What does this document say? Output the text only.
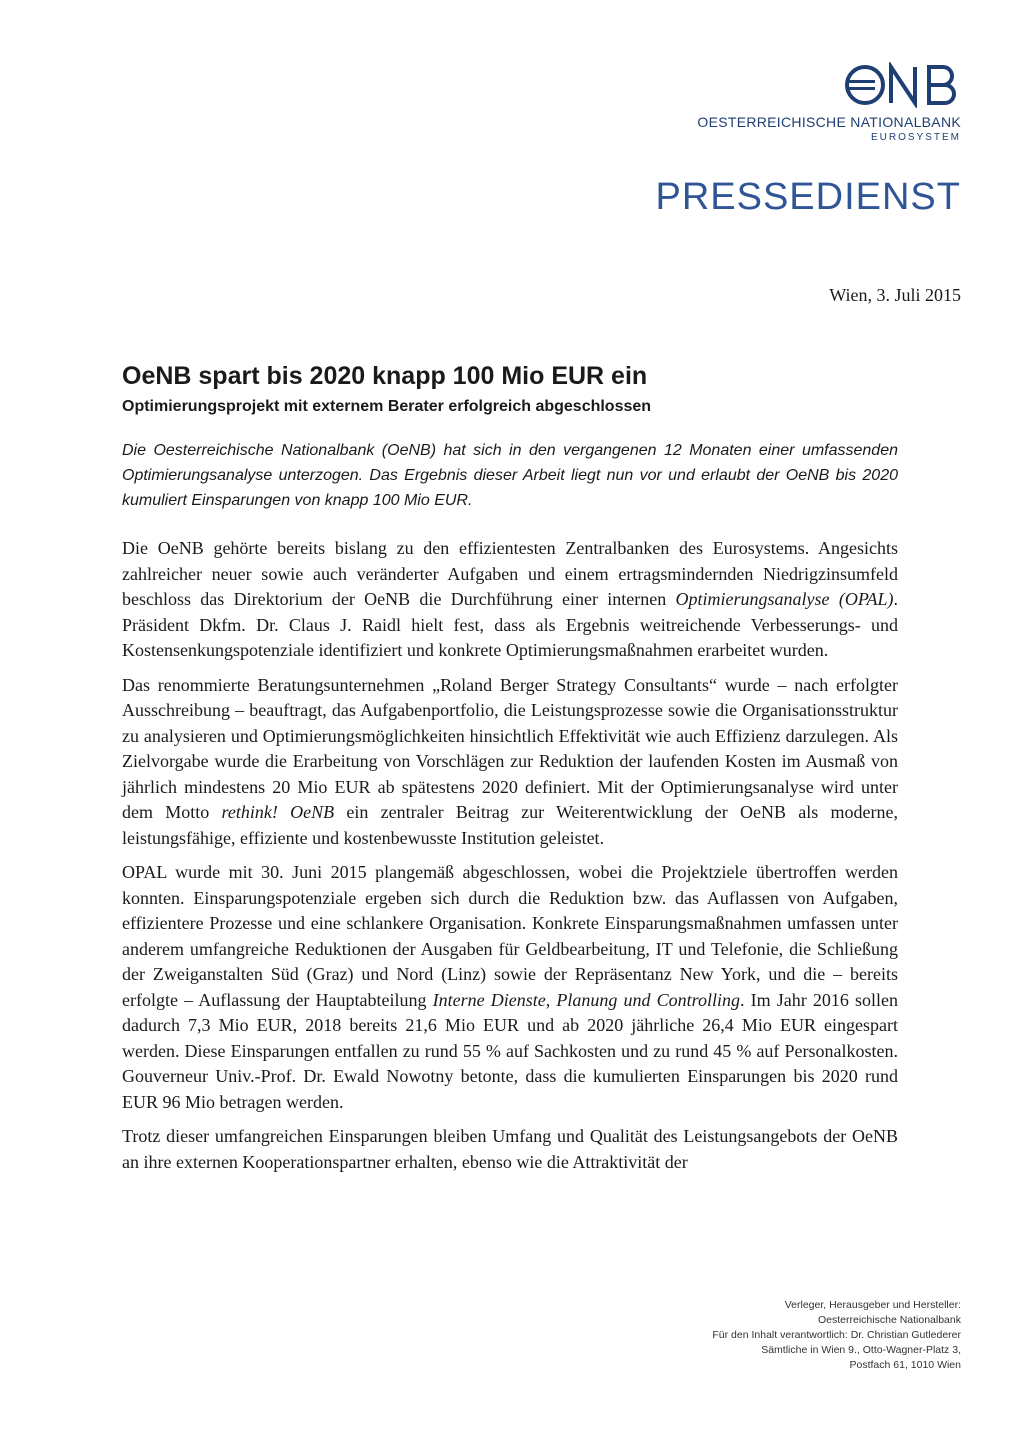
OESTERREICHISCHE NATIONALBANK
EUROSYSTEM
PRESSEDIENST
Wien, 3. Juli 2015
OeNB spart bis 2020 knapp 100 Mio EUR ein
Optimierungsprojekt mit externem Berater erfolgreich abgeschlossen

Die Oesterreichische Nationalbank (OeNB) hat sich in den vergangenen 12 Monaten einer umfassenden Optimierungsanalyse unterzogen. Das Ergebnis dieser Arbeit liegt nun vor und erlaubt der OeNB bis 2020 kumuliert Einsparungen von knapp 100 Mio EUR.

Die OeNB gehörte bereits bislang zu den effizientesten Zentralbanken des Eurosystems. Angesichts zahlreicher neuer sowie auch veränderter Aufgaben und einem ertragsmindernden Niedrigzinsumfeld beschloss das Direktorium der OeNB die Durchführung einer internen Optimierungsanalyse (OPAL). Präsident Dkfm. Dr. Claus J. Raidl hielt fest, dass als Ergebnis weitreichende Verbesserungs- und Kostensenkungspotenziale identifiziert und konkrete Optimierungsmaßnahmen erarbeitet wurden.

Das renommierte Beratungsunternehmen „Roland Berger Strategy Consultants“ wurde – nach erfolgter Ausschreibung – beauftragt, das Aufgabenportfolio, die Leistungsprozesse sowie die Organisationsstruktur zu analysieren und Optimierungsmöglichkeiten hinsichtlich Effektivität wie auch Effizienz darzulegen. Als Zielvorgabe wurde die Erarbeitung von Vorschlägen zur Reduktion der laufenden Kosten im Ausmaß von jährlich mindestens 20 Mio EUR ab spätestens 2020 definiert. Mit der Optimierungsanalyse wird unter dem Motto rethink! OeNB ein zentraler Beitrag zur Weiterentwicklung der OeNB als moderne, leistungsfähige, effiziente und kostenbewusste Institution geleistet.

OPAL wurde mit 30. Juni 2015 plangemäß abgeschlossen, wobei die Projektziele übertroffen werden konnten. Einsparungspotenziale ergeben sich durch die Reduktion bzw. das Auflassen von Aufgaben, effizientere Prozesse und eine schlankere Organisation. Konkrete Einsparungsmaßnahmen umfassen unter anderem umfangreiche Reduktionen der Ausgaben für Geldbearbeitung, IT und Telefonie, die Schließung der Zweiganstalten Süd (Graz) und Nord (Linz) sowie der Repräsentanz New York, und die – bereits erfolgte – Auflassung der Hauptabteilung Interne Dienste, Planung und Controlling. Im Jahr 2016 sollen dadurch 7,3 Mio EUR, 2018 bereits 21,6 Mio EUR und ab 2020 jährliche 26,4 Mio EUR eingespart werden. Diese Einsparungen entfallen zu rund 55 % auf Sachkosten und zu rund 45 % auf Personalkosten. Gouverneur Univ.-Prof. Dr. Ewald Nowotny betonte, dass die kumulierten Einsparungen bis 2020 rund EUR 96 Mio betragen werden.

Trotz dieser umfangreichen Einsparungen bleiben Umfang und Qualität des Leistungsangebots der OeNB an ihre externen Kooperationspartner erhalten, ebenso wie die Attraktivität der

Verleger, Herausgeber und Hersteller:
Oesterreichische Nationalbank
Für den Inhalt verantwortlich: Dr. Christian Gutlederer
Sämtliche in Wien 9., Otto-Wagner-Platz 3,
Postfach 61, 1010 Wien
